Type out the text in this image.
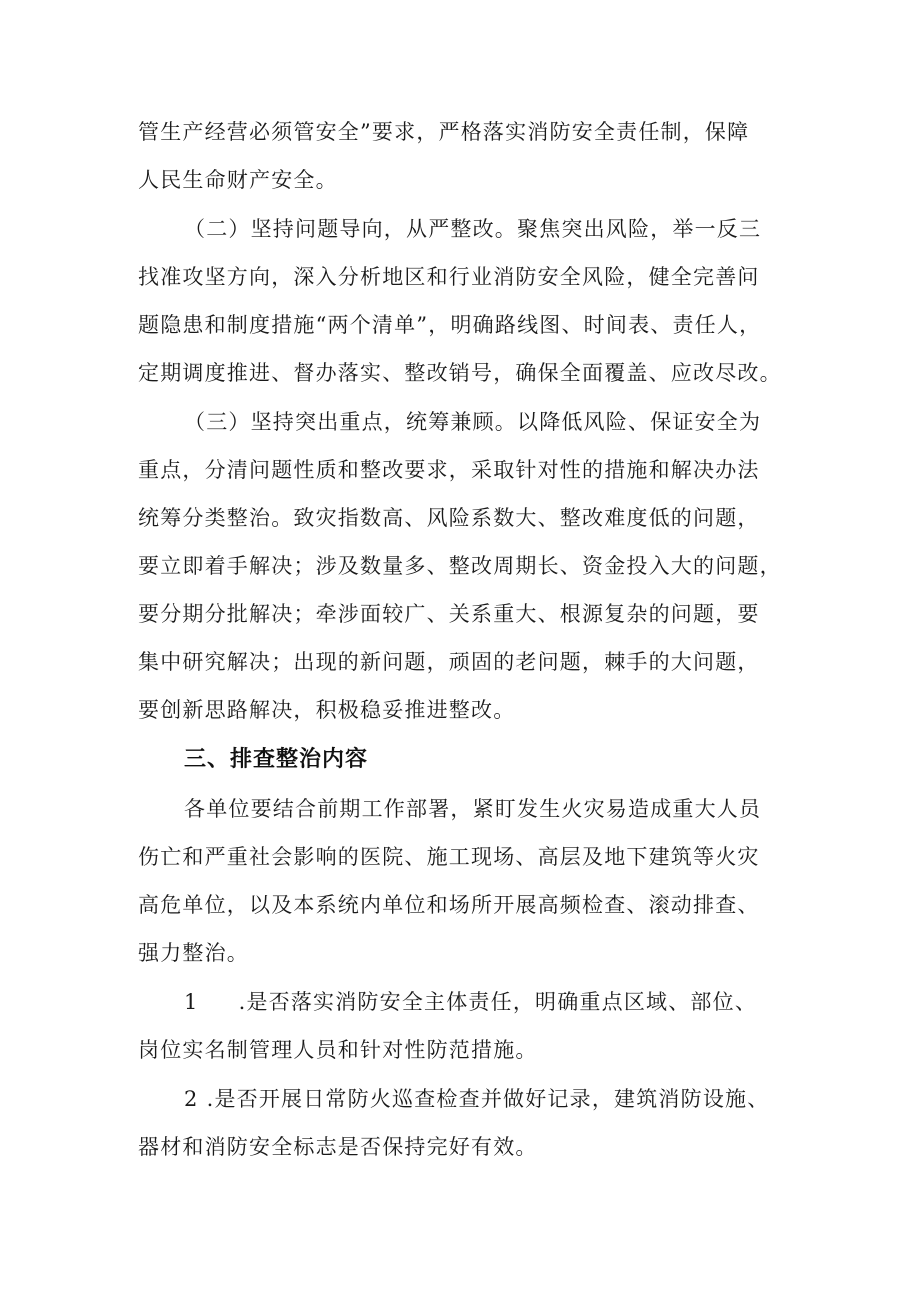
管生产经营必须管安全”要求，严格落实消防安全责任制，保障
人民生命财产安全。
（二）坚持问题导向，从严整改。聚焦突出风险，举一反三
找准攻坚方向，深入分析地区和行业消防安全风险，健全完善问
题隐患和制度措施“两个清单”，明确路线图、时间表、责任人，
定期调度推进、督办落实、整改销号，确保全面覆盖、应改尽改。
（三）坚持突出重点，统筹兼顾。以降低风险、保证安全为
重点，分清问题性质和整改要求，采取针对性的措施和解决办法
统筹分类整治。致灾指数高、风险系数大、整改难度低的问题，
要立即着手解决；涉及数量多、整改周期长、资金投入大的问题，
要分期分批解决；牵涉面较广、关系重大、根源复杂的问题，要
集中研究解决；出现的新问题，顽固的老问题，棘手的大问题，
要创新思路解决，积极稳妥推进整改。
三、排查整治内容
各单位要结合前期工作部署，紧盯发生火灾易造成重大人员
伤亡和严重社会影响的医院、施工现场、高层及地下建筑等火灾
高危单位，以及本系统内单位和场所开展高频检查、滚动排查、
强力整治。
1 .是否落实消防安全主体责任，明确重点区域、部位、
岗位实名制管理人员和针对性防范措施。
2 .是否开展日常防火巡查检查并做好记录，建筑消防设施、
器材和消防安全标志是否保持完好有效。
